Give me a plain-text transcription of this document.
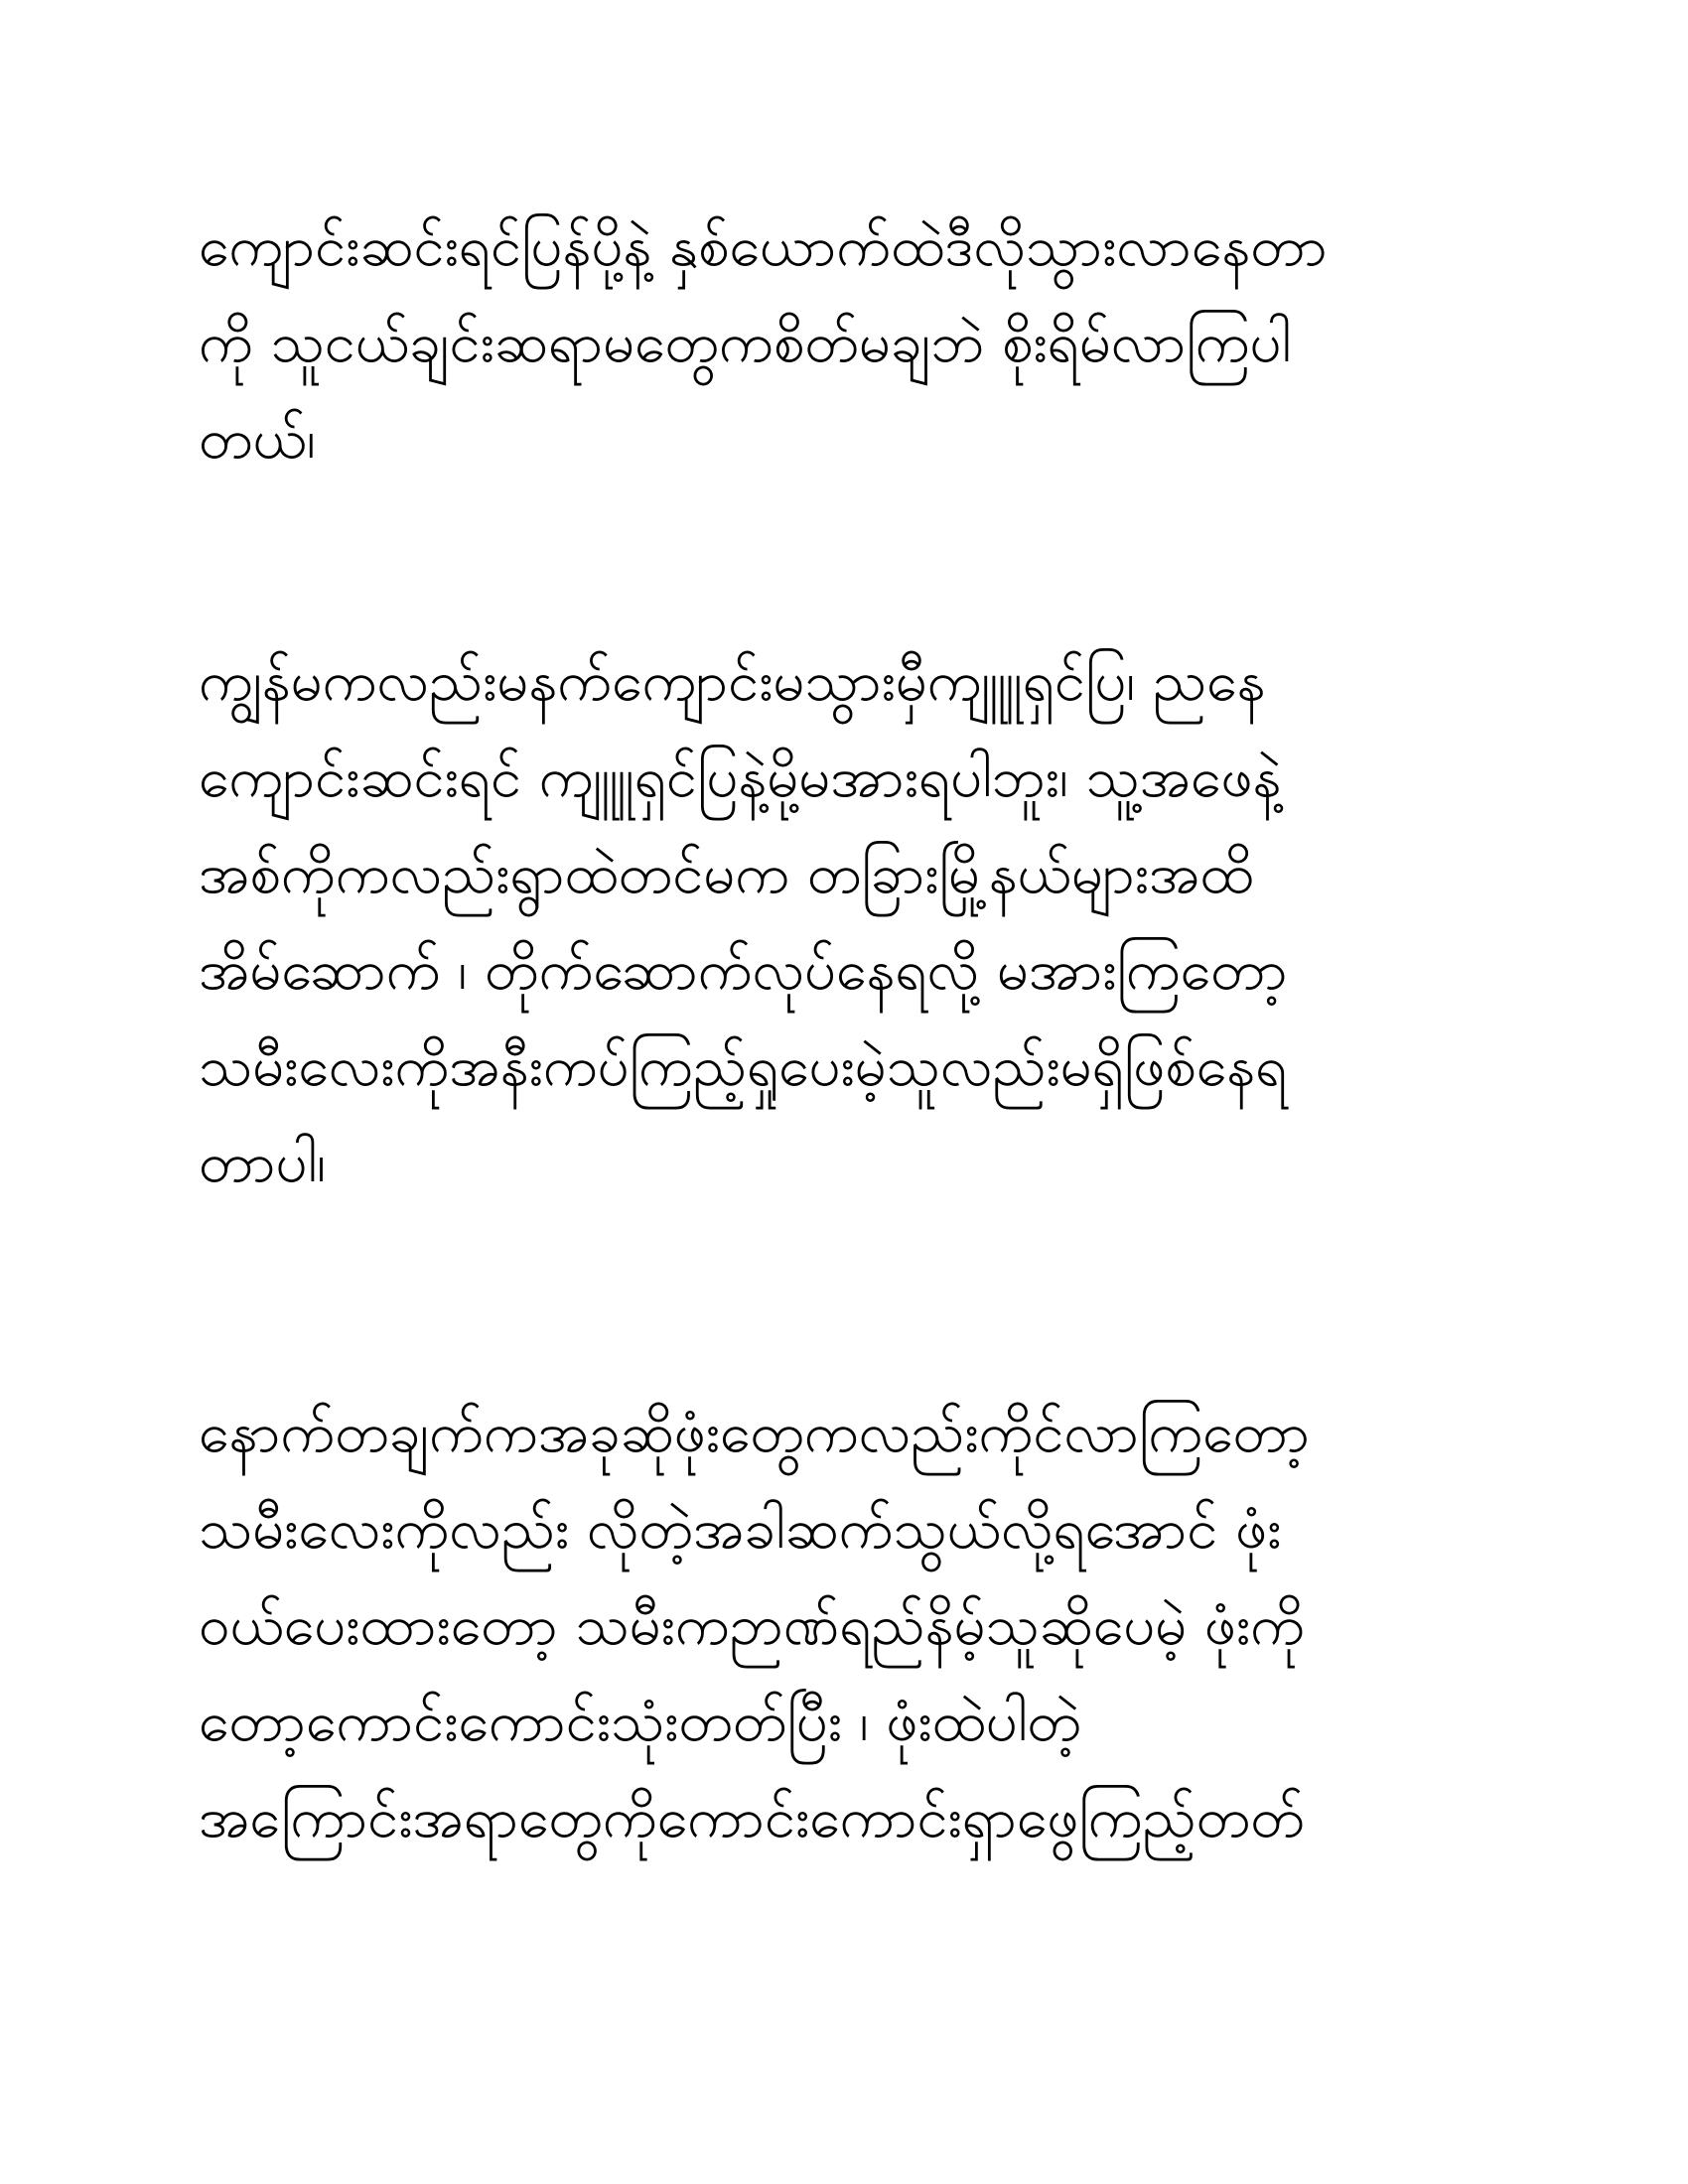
ကျောင်းဆင်းရင်ပြန်ပို့နဲ့ နှစ်ယောက်ထဲဒီလိုသွားလာနေတာ
ကို သူငယ်ချင်းဆရာမတွေကစိတ်မချဘဲ စိုးရိမ်လာကြပါ
တယ်၊
ကျွန်မကလည်းမနက်ကျောင်းမသွားမှီကျူူရှင်ပြ၊ ညနေ
ကျောင်းဆင်းရင် ကျူူရှင်ပြနဲ့မို့မအားရပါဘူး၊ သူ့အဖေနဲ့
အစ်ကိုကလည်းရွာထဲတင်မက တခြားမြို့နယ်များအထိ
အိမ်ဆောက် ၊ တိုက်ဆောက်လုပ်နေရလို့ မအားကြတော့
သမီးလေးကိုအနီးကပ်ကြည့်ရှုပေးမဲ့သူလည်းမရှိဖြစ်နေရ
တာပါ၊
နောက်တချက်ကအခုဆိုဖုံးတွေကလည်းကိုင်လာကြတော့
သမီးလေးကိုလည်း လိုတဲ့အခါဆက်သွယ်လို့ရအောင် ဖုံး
ဝယ်ပေးထားတော့ သမီးကဉာဏ်ရည်နိမ့်သူဆိုပေမဲ့ ဖုံးကို
တော့ကောင်းကောင်းသုံးတတ်ပြီး ၊ ဖုံးထဲပါတဲ့
အကြောင်းအရာတွေကိုကောင်းကောင်းရှာဖွေကြည့်တတ်
